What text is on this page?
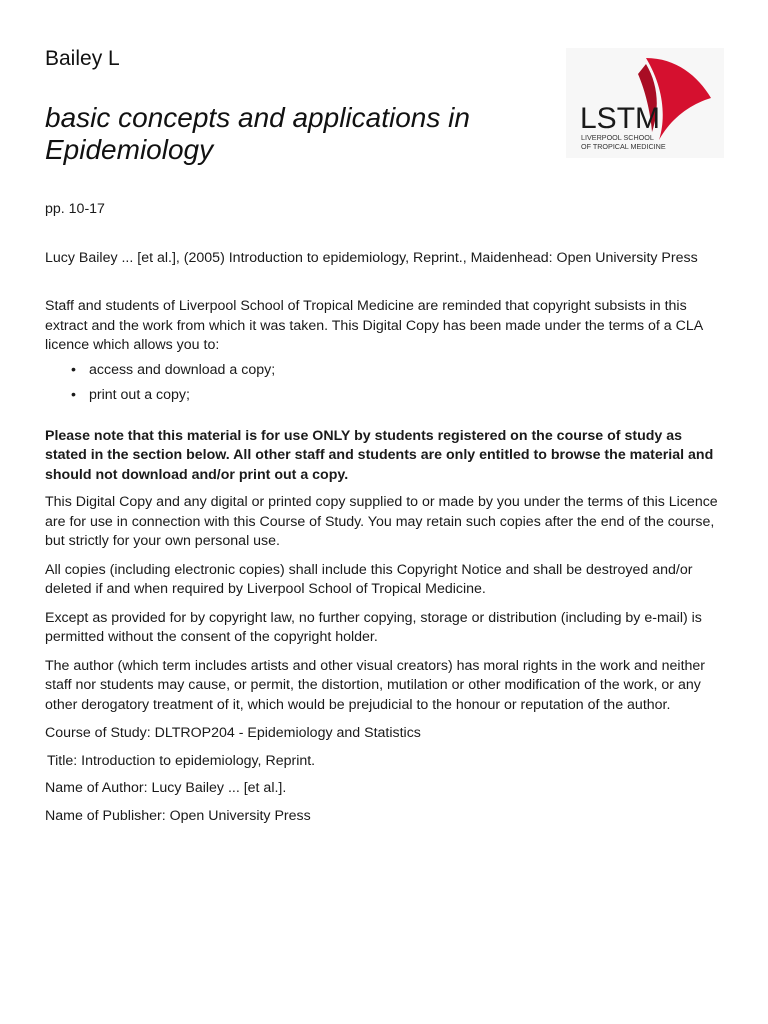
Bailey L
basic concepts and applications in Epidemiology
LSTM
LIVERPOOL SCHOOL
OF TROPICAL MEDICINE

pp. 10-17

Lucy Bailey ... [et al.], (2005) Introduction to epidemiology, Reprint., Maidenhead: Open University Press

Staff and students of Liverpool School of Tropical Medicine are reminded that copyright subsists in this extract and the work from which it was taken. This Digital Copy has been made under the terms of a CLA licence which allows you to:

• access and download a copy;
• print out a copy;

Please note that this material is for use ONLY by students registered on the course of study as stated in the section below. All other staff and students are only entitled to browse the material and should not download and/or print out a copy.

This Digital Copy and any digital or printed copy supplied to or made by you under the terms of this Licence are for use in connection with this Course of Study. You may retain such copies after the end of the course, but strictly for your own personal use.

All copies (including electronic copies) shall include this Copyright Notice and shall be destroyed and/or deleted if and when required by Liverpool School of Tropical Medicine.

Except as provided for by copyright law, no further copying, storage or distribution (including by e-mail) is permitted without the consent of the copyright holder.

The author (which term includes artists and other visual creators) has moral rights in the work and neither staff nor students may cause, or permit, the distortion, mutilation or other modification of the work, or any other derogatory treatment of it, which would be prejudicial to the honour or reputation of the author.

Course of Study: DLTROP204 - Epidemiology and Statistics

Title: Introduction to epidemiology, Reprint.

Name of Author: Lucy Bailey ... [et al.].

Name of Publisher: Open University Press
